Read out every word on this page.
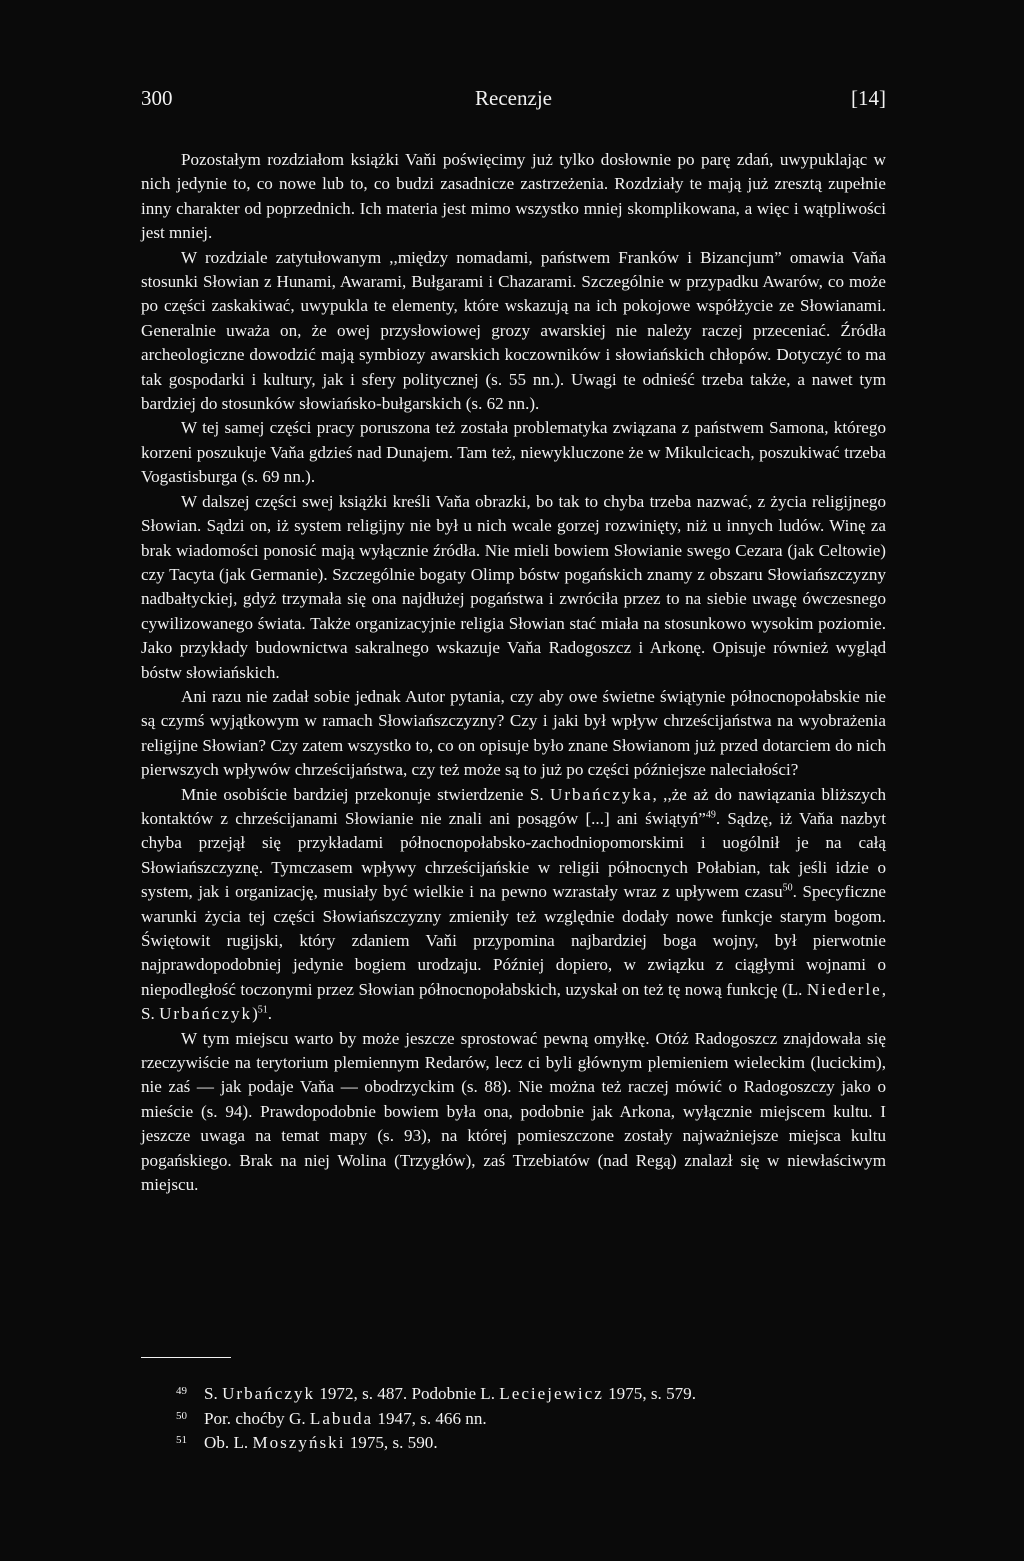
300	Recenzje	[14]

Pozostałym rozdziałom książki Vaňi poświęcimy już tylko dosłownie po parę zdań, uwypuklając w nich jedynie to, co nowe lub to, co budzi zasadnicze zastrzeżenia. Rozdziały te mają już zresztą zupełnie inny charakter od poprzednich. Ich materia jest mimo wszystko mniej skomplikowana, a więc i wątpliwości jest mniej.

W rozdziale zatytułowanym ,,między nomadami, państwem Franków i Bizancjum” omawia Vaňa stosunki Słowian z Hunami, Awarami, Bułgarami i Chazarami. Szczególnie w przypadku Awarów, co może po części zaskakiwać, uwypukla te elementy, które wskazują na ich pokojowe współżycie ze Słowianami. Generalnie uważa on, że owej przysłowiowej grozy awarskiej nie należy raczej przeceniać. Źródła archeologiczne dowodzić mają symbiozy awarskich koczowników i słowiańskich chłopów. Dotyczyć to ma tak gospodarki i kultury, jak i sfery politycznej (s. 55 nn.). Uwagi te odnieść trzeba także, a nawet tym bardziej do stosunków słowiańsko-bułgarskich (s. 62 nn.).

W tej samej części pracy poruszona też została problematyka związana z państwem Samona, którego korzeni poszukuje Vaňa gdzieś nad Dunajem. Tam też, niewykluczone że w Mikulcicach, poszukiwać trzeba Vogastisburga (s. 69 nn.).

W dalszej części swej książki kreśli Vaňa obrazki, bo tak to chyba trzeba nazwać, z życia religijnego Słowian. Sądzi on, iż system religijny nie był u nich wcale gorzej rozwinięty, niż u innych ludów. Winę za brak wiadomości ponosić mają wyłącznie źródła. Nie mieli bowiem Słowianie swego Cezara (jak Celtowie) czy Tacyta (jak Germanie). Szczególnie bogaty Olimp bóstw pogańskich znamy z obszaru Słowiańszczyzny nadbałtyckiej, gdyż trzymała się ona najdłużej pogaństwa i zwróciła przez to na siebie uwagę ówczesnego cywilizowanego świata. Także organizacyjnie religia Słowian stać miała na stosunkowo wysokim poziomie. Jako przykłady budownictwa sakralnego wskazuje Vaňa Radogoszcz i Arkonę. Opisuje również wygląd bóstw słowiańskich.

Ani razu nie zadał sobie jednak Autor pytania, czy aby owe świetne świątynie północnopołabskie nie są czymś wyjątkowym w ramach Słowiańszczyzny? Czy i jaki był wpływ chrześcijaństwa na wyobrażenia religijne Słowian? Czy zatem wszystko to, co on opisuje było znane Słowianom już przed dotarciem do nich pierwszych wpływów chrześcijaństwa, czy też może są to już po części późniejsze naleciałości?

Mnie osobiście bardziej przekonuje stwierdzenie S. Urbańczyka, ,,że aż do nawiązania bliższych kontaktów z chrześcijanami Słowianie nie znali ani posągów [...] ani świątyń”$^{49}$. Sądzę, iż Vaňa nazbyt chyba przejął się przykładami północnopołabsko-zachodniopomorskimi i uogólnił je na całą Słowiańszczyznę. Tymczasem wpływy chrześcijańskie w religii północnych Połabian, tak jeśli idzie o system, jak i organizację, musiały być wielkie i na pewno wzrastały wraz z upływem czasu$^{50}$. Specyficzne warunki życia tej części Słowiańszczyzny zmieniły też względnie dodały nowe funkcje starym bogom. Świętowit rugijski, który zdaniem Vaňi przypomina najbardziej boga wojny, był pierwotnie najprawdopodobniej jedynie bogiem urodzaju. Później dopiero, w związku z ciągłymi wojnami o niepodległość toczonymi przez Słowian północnopołabskich, uzyskał on też tę nową funkcję (L. Niederle, S. Urbańczyk)$^{51}$.

W tym miejscu warto by może jeszcze sprostować pewną omyłkę. Otóż Radogoszcz znajdowała się rzeczywiście na terytorium plemiennym Redarów, lecz ci byli głównym plemieniem wieleckim (lucickim), nie zaś — jak podaje Vaňa — obodrzyckim (s. 88). Nie można też raczej mówić o Radogoszczy jako o mieście (s. 94). Prawdopodobnie bowiem była ona, podobnie jak Arkona, wyłącznie miejscem kultu. I jeszcze uwaga na temat mapy (s. 93), na której pomieszczone zostały najważniejsze miejsca kultu pogańskiego. Brak na niej Wolina (Trzygłów), zaś Trzebiatów (nad Regą) znalazł się w niewłaściwym miejscu.

49 S. Urbańczyk 1972, s. 487. Podobnie L. Leciejewicz 1975, s. 579.
50 Por. choćby G. Labuda 1947, s. 466 nn.
51 Ob. L. Moszyński 1975, s. 590.
